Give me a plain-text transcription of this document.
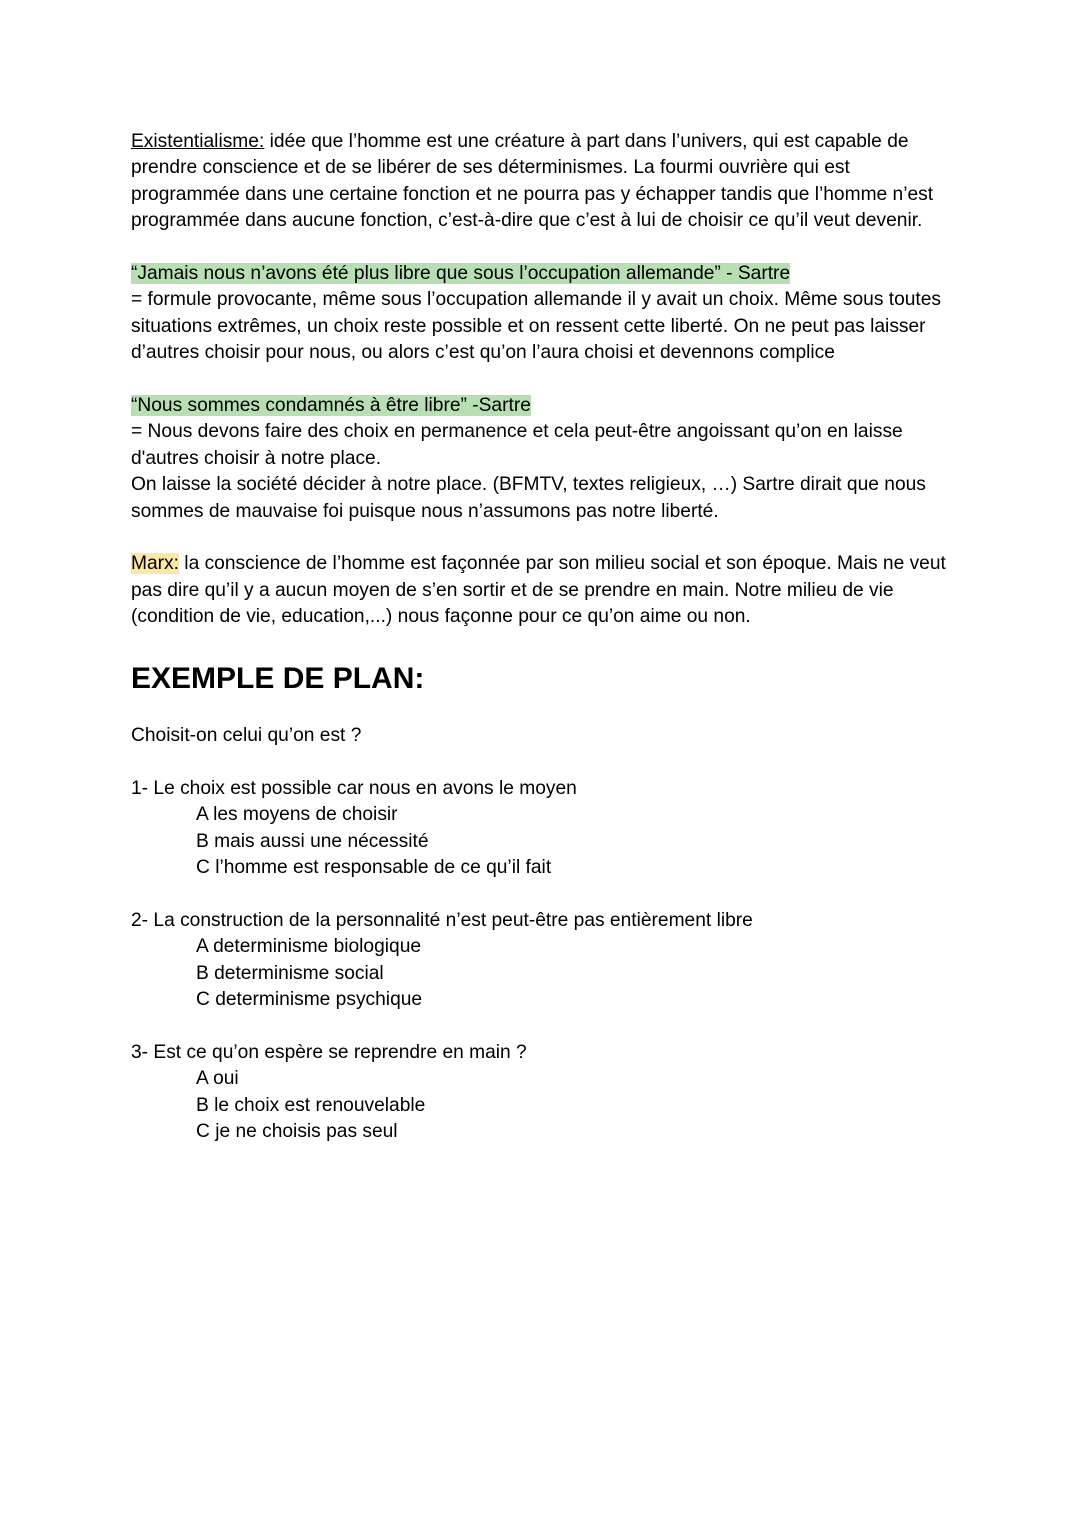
Existentialisme: idée que l’homme est une créature à part dans l’univers, qui est capable de prendre conscience et de se libérer de ses déterminismes. La fourmi ouvrière qui est programmée dans une certaine fonction et ne pourra pas y échapper tandis que l’homme n’est programmée dans aucune fonction, c’est-à-dire que c’est à lui de choisir ce qu’il veut devenir.

“Jamais nous n’avons été plus libre que sous l’occupation allemande” - Sartre
= formule provocante, même sous l’occupation allemande il y avait un choix. Même sous toutes situations extrêmes, un choix reste possible et on ressent cette liberté. On ne peut pas laisser d’autres choisir pour nous, ou alors c’est qu’on l’aura choisi et devennons complice

“Nous sommes condamnés à être libre” -Sartre
= Nous devons faire des choix en permanence et cela peut-être angoissant qu’on en laisse d'autres choisir à notre place.
On laisse la société décider à notre place. (BFMTV, textes religieux, …) Sartre dirait que nous sommes de mauvaise foi puisque nous n’assumons pas notre liberté.

Marx: la conscience de l’homme est façonnée par son milieu social et son époque. Mais ne veut pas dire qu’il y a aucun moyen de s’en sortir et de se prendre en main. Notre milieu de vie (condition de vie, education,...) nous façonne pour ce qu’on aime ou non.

EXEMPLE DE PLAN:

Choisit-on celui qu’on est ?

1- Le choix est possible car nous en avons le moyen
A les moyens de choisir
B mais aussi une nécessité
C l’homme est responsable de ce qu’il fait
2- La construction de la personnalité n’est peut-être pas entièrement libre
A determinisme biologique
B determinisme social
C determinisme psychique
3- Est ce qu’on espère se reprendre en main ?
A oui
B le choix est renouvelable
C je ne choisis pas seul
